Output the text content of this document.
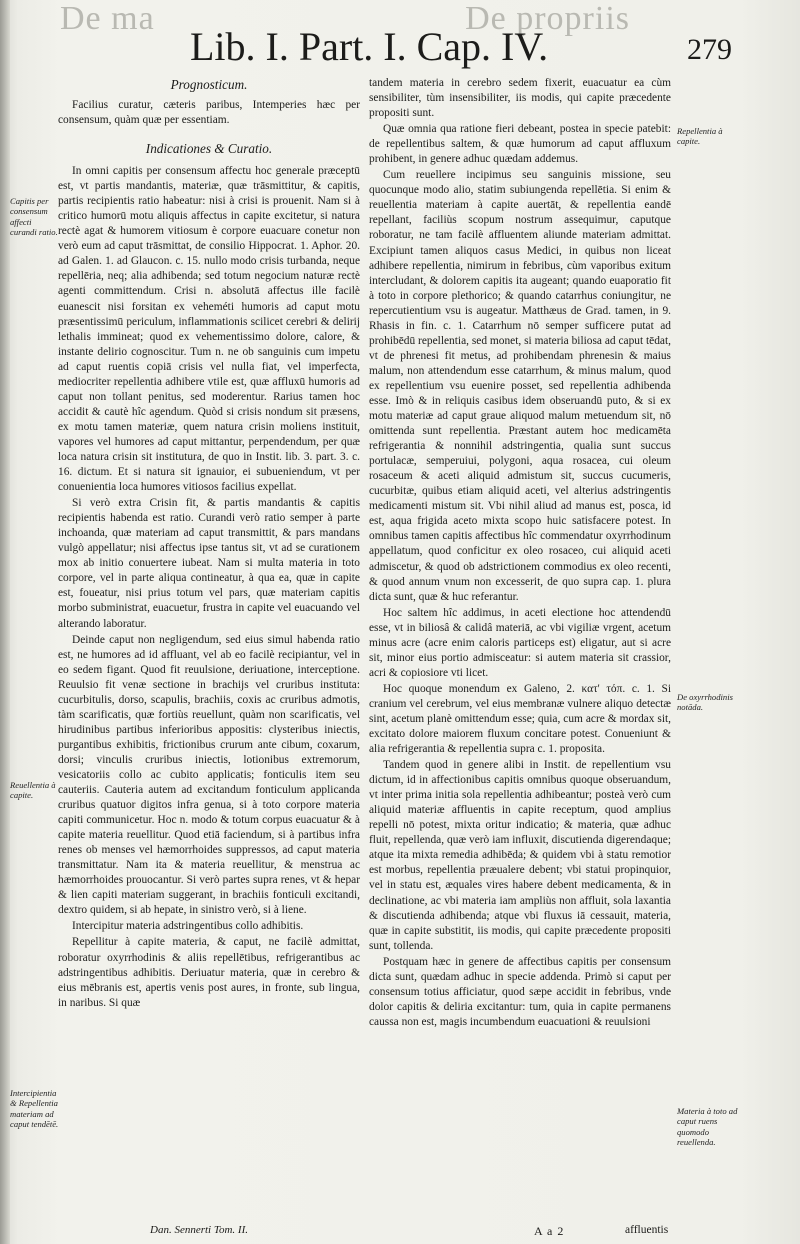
De ma	De propriis
Lib. I. Part. I. Cap. IV.	279
Prognosticum.

Facilius curatur, cæteris paribus, Intemperies hæc per consensum, quàm quæ per essentiam.

Indicationes & Curatio.

In omni capitis per consensum affectu hoc generale præceptū est, vt partis mandantis, materiæ, quæ trāsmittitur, & capitis, partis recipientis ratio habeatur: nisi à crisi is prouenit. Nam si à critico humorū motu aliquis affectus in capite excitetur, si natura rectè agat & humorem vitiosum è corpore euacuare conetur non verò eum ad caput trāsmittat, de consilio Hippocrat. 1. Aphor. 20. ad Galen. 1. ad Glaucon. c. 15. nullo modo crisis turbanda, neque repellēria, neq; alia adhibenda; sed totum negocium naturæ rectè agenti committendum. Crisi n. absolutā affectus ille facilè euanescit nisi forsitan ex veheméti humoris ad caput motu præsentissimū periculum, inflammationis scilicet cerebri & delirij lethalis immineat; quod ex vehementissimo dolore, calore, & instante delirio cognoscitur. Tum n. ne ob sanguinis cum impetu ad caput ruentis copiā crisis vel nulla fiat, vel imperfecta, mediocriter repellentia adhibere vtile est, quæ affluxū humoris ad caput non tollant penitus, sed moderentur. Rarius tamen hoc accidit & cautè hîc agendum. Quòd si crisis nondum sit præsens, ex motu tamen materiæ, quem natura crisin moliens instituit, vapores vel humores ad caput mittantur, perpendendum, per quæ loca natura crisin sit institutura, de quo in Instit. lib. 3. part. 3. c. 16. dictum. Et si natura sit ignauior, ei subueniendum, vt per conuenientia loca humores vitiosos facilius expellat.

Si verò extra Crisin fit, & partis mandantis & capitis recipientis habenda est ratio. Curandi verò ratio semper à parte inchoanda, quæ materiam ad caput transmittit, & pars mandans vulgò appellatur; nisi affectus ipse tantus sit, vt ad se curationem mox ab initio conuertere iubeat. Nam si multa materia in toto corpore, vel in parte aliqua contineatur, à qua ea, quæ in capite est, foueatur, nisi prius totum vel pars, quæ materiam capitis morbo subministrat, euacuetur, frustra in capite vel euacuando vel alterando laboratur.

Deinde caput non negligendum, sed eius simul habenda ratio est, ne humores ad id affluant, vel ab eo facilè recipiantur, vel in eo sedem figant. Quod fit reuulsione, deriuatione, interceptione. Reuulsio fit venæ sectione in brachijs vel cruribus instituta: cucurbitulis, dorso, scapulis, brachiis, coxis ac cruribus admotis, tàm scarificatis, quæ fortiùs reuellunt, quàm non scarificatis, vel hirudinibus partibus inferioribus appositis: clysteribus iniectis, purgantibus exhibitis, frictionibus crurum ante cibum, coxarum, dorsi; vinculis cruribus iniectis, lotionibus extremorum, vesicatoriis collo ac cubito applicatis; fonticulis item seu cauteriis. Cauteria autem ad excitandum fonticulum applicanda cruribus quatuor digitos infra genua, si à toto corpore materia capiti communicetur. Hoc n. modo & totum corpus euacuatur & à capite materia reuellitur. Quod etiā faciendum, si à partibus infra renes ob menses vel hæmorrhoides suppressos, ad caput materia transmittatur. Nam ita & materia reuellitur, & menstrua ac hæmorrhoides prouocantur. Si verò partes supra renes, vt & hepar & lien capiti materiam suggerant, in brachiis fonticuli excitandi, dextro quidem, si ab hepate, in sinistro verò, si à liene.

Intercipitur materia adstringentibus collo adhibitis.

Repellitur à capite materia, & caput, ne facilè admittat, roboratur oxyrrhodinis & aliis repellētibus, refrigerantibus ac adstringentibus adhibitis. Deriuatur materia, quæ in cerebro & eius mēbranis est, apertis venis post aures, in fronte, sub lingua, in naribus. Si quæ

tandem materia in cerebro sedem fixerit, euacuatur ea cùm sensibiliter, tùm insensibiliter, iis modis, qui capite præcedente propositi sunt.

Quæ omnia qua ratione fieri debeant, postea in specie patebit: de repellentibus saltem, & quæ humorum ad caput affluxum prohibent, in genere adhuc quædam addemus.

Cum reuellere incipimus seu sanguinis missione, seu quocunque modo alio, statim subiungenda repellētia. Si enim & reuellentia materiam à capite auertāt, & repellentia eandē repellant, faciliùs scopum nostrum assequimur, caputque roboratur, ne tam facilè affluentem aliunde materiam admittat. Excipiunt tamen aliquos casus Medici, in quibus non liceat adhibere repellentia, nimirum in febribus, cùm vaporibus exitum intercludant, & dolorem capitis ita augeant; quando euaporatio fit à toto in corpore plethorico; & quando catarrhus coniungitur, ne repercutientium vsu is augeatur. Matthæus de Grad. tamen, in 9. Rhasis in fin. c. 1. Catarrhum nō semper sufficere putat ad prohibēdū repellentia, sed monet, si materia biliosa ad caput tēdat, vt de phrenesi fit metus, ad prohibendam phrenesin & maius malum, non attendendum esse catarrhum, & minus malum, quod ex repellentium vsu euenire posset, sed repellentia adhibenda esse. Imò & in reliquis casibus idem obseruandū puto, & si ex motu materiæ ad caput graue aliquod malum metuendum sit, nō omittenda sunt repellentia. Præstant autem hoc medicamēta refrigerantia & nonnihil adstringentia, qualia sunt succus portulacæ, semperuiui, polygoni, aqua rosacea, cui oleum rosaceum & aceti aliquid admistum sit, succus cucumeris, cucurbitæ, quibus etiam aliquid aceti, vel alterius adstringentis medicamenti mistum sit. Vbi nihil aliud ad manus est, posca, id est, aqua frigida aceto mixta scopo huic satisfacere potest. In omnibus tamen capitis affectibus hîc commendatur oxyrrhodinum appellatum, quod conficitur ex oleo rosaceo, cui aliquid aceti admiscetur, & quod ob adstrictionem commodius ex oleo recenti, & quod annum vnum non excesserit, de quo supra cap. 1. plura dicta sunt, quæ & huc referantur.

Hoc saltem hîc addimus, in aceti electione hoc attendendū esse, vt in biliosâ & calidâ materiā, ac vbi vigiliæ vrgent, acetum minus acre (acre enim caloris particeps est) eligatur, aut si acre sit, minor eius portio admisceatur: si autem materia sit crassior, acri & copiosiore vti licet.

Hoc quoque monendum ex Galeno, 2. κατ' τόπ. c. 1. Si cranium vel cerebrum, vel eius membranæ vulnere aliquo detectæ sint, acetum planè omittendum esse; quia, cum acre & mordax sit, excitato dolore maiorem fluxum concitare potest. Conueniunt & alia refrigerantia & repellentia supra c. 1. proposita.

Tandem quod in genere alibi in Instit. de repellentium vsu dictum, id in affectionibus capitis omnibus quoque obseruandum, vt inter prima initia sola repellentia adhibeantur; posteà verò cum aliquid materiæ affluentis in capite receptum, quod amplius repelli nō potest, mixta oritur indicatio; & materia, quæ adhuc fluit, repellenda, quæ verò iam influxit, discutienda digerendaque; atque ita mixta remedia adhibēda; & quidem vbi à statu remotior est morbus, repellentia præualere debent; vbi statui propinquior, vel in statu est, æquales vires habere debent medicamenta, & in declinatione, ac vbi materia iam ampliùs non affluit, sola laxantia & discutienda adhibenda; atque vbi fluxus iā cessauit, materia, quæ in capite substitit, iis modis, qui capite præcedente propositi sunt, tollenda.

Postquam hæc in genere de affectibus capitis per consensum dicta sunt, quædam adhuc in specie addenda. Primò si caput per consensum totius afficiatur, quod sæpe accidit in febribus, vnde dolor capitis & deliria excitantur: tum, quia in capite permanens caussa non est, magis incumbendum euacuationi & reuulsioni

Capitis per consensum affecti curandi ratio.
Reuellentia à capite.
Intercipientia & Repellentia materiam ad caput tendētē.
Repellentia à capite.
De oxyrrhodinis notāda.
Materia à toto ad caput ruens quomodo reuellenda.
Dan. Sennerti Tom. II.	A a 2	affluentis
